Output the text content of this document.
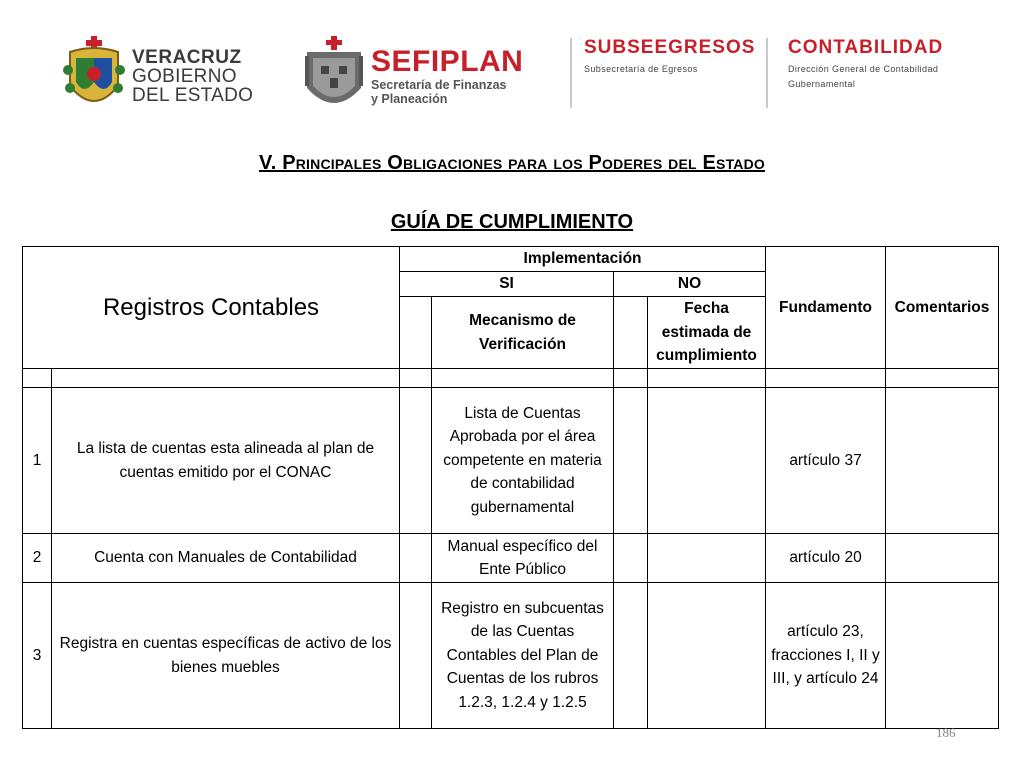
VERACRUZ
GOBIERNO
DEL ESTADO
SEFIPLAN
Secretaría de Finanzas
y Planeación
SUBSEEGRESOS
Subsecretaría de Egresos
CONTABILIDAD
Dirección General de Contabilidad
Gubernamental
V. Principales Obligaciones para los Poderes del Estado
GUÍA DE CUMPLIMIENTO
Registros Contables		Implementación				Fundamento	Comentarios
		SI		NO			
			Mecanismo de Verificación		Fecha estimada de cumplimiento		

1	La lista de cuentas esta alineada al plan de cuentas emitido por el CONAC		Lista de Cuentas Aprobada por el área competente en materia de contabilidad gubernamental			artículo 37	
2	Cuenta con Manuales de Contabilidad		Manual específico del Ente Público			artículo 20	
3	Registra en cuentas específicas de activo de los bienes muebles		Registro en subcuentas de las Cuentas Contables del Plan de Cuentas de los rubros 1.2.3, 1.2.4 y 1.2.5			artículo 23, fracciones I, II y III, y artículo 24	
186
